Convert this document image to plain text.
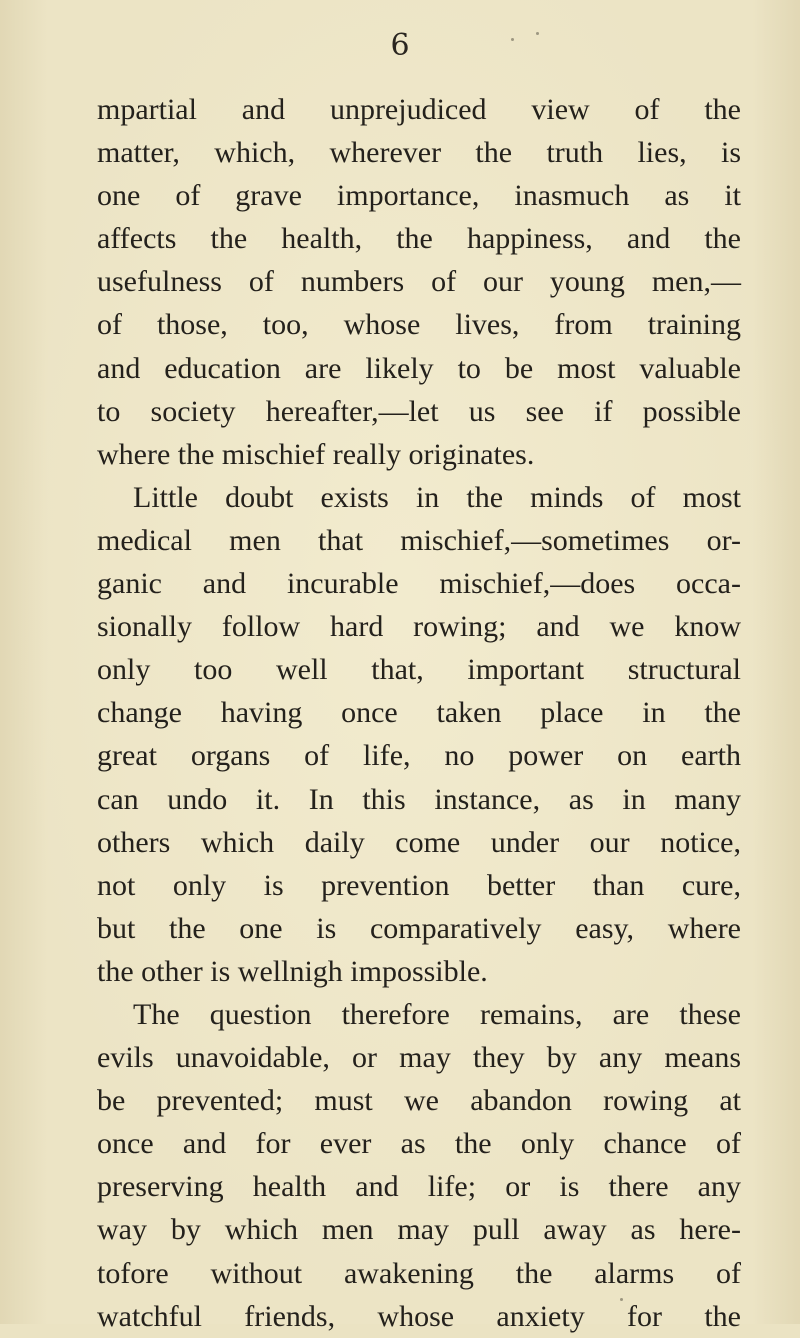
6
mpartial and unprejudiced view of the
matter, which, wherever the truth lies, is
one of grave importance, inasmuch as it
affects the health, the happiness, and the
usefulness of numbers of our young men,—
of those, too, whose lives, from training
and education are likely to be most valuable
to society hereafter,—let us see if possible
where the mischief really originates.
Little doubt exists in the minds of most
medical men that mischief,—sometimes or-
ganic and incurable mischief,—does occa-
sionally follow hard rowing; and we know
only too well that, important structural
change having once taken place in the
great organs of life, no power on earth
can undo it. In this instance, as in many
others which daily come under our notice,
not only is prevention better than cure,
but the one is comparatively easy, where
the other is wellnigh impossible.
The question therefore remains, are these
evils unavoidable, or may they by any means
be prevented; must we abandon rowing at
once and for ever as the only chance of
preserving health and life; or is there any
way by which men may pull away as here-
tofore without awakening the alarms of
watchful friends, whose anxiety for the
